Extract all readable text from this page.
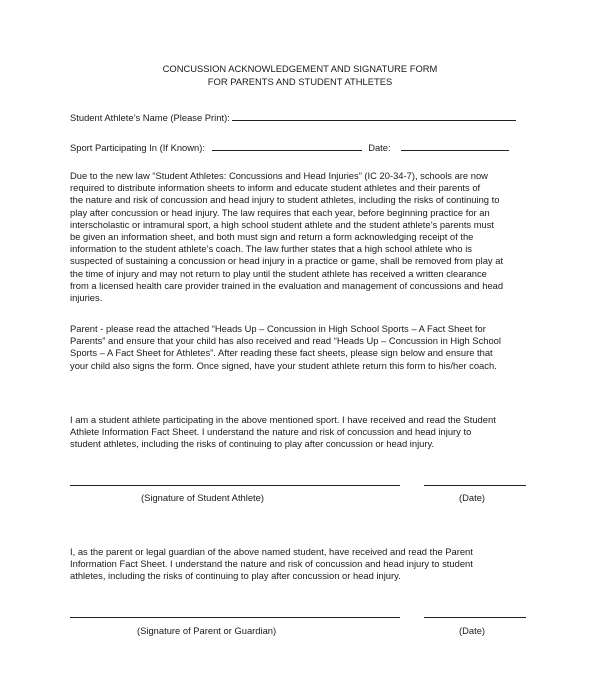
CONCUSSION ACKNOWLEDGEMENT AND SIGNATURE FORM
FOR PARENTS AND STUDENT ATHLETES
Student Athlete’s Name (Please Print):
Sport Participating In (If Known):	Date:
Due to the new law “Student Athletes: Concussions and Head Injuries” (IC 20-34-7), schools are now
required to distribute information sheets to inform and educate student athletes and their parents of
the nature and risk of concussion and head injury to student athletes, including the risks of continuing to
play after concussion or head injury. The law requires that each year, before beginning practice for an
interscholastic or intramural sport, a high school student athlete and the student athlete’s parents must
be given an information sheet, and both must sign and return a form acknowledging receipt of the
information to the student athlete’s coach. The law further states that a high school athlete who is
suspected of sustaining a concussion or head injury in a practice or game, shall be removed from play at
the time of injury and may not return to play until the student athlete has received a written clearance
from a licensed health care provider trained in the evaluation and management of concussions and head
injuries.
Parent - please read the attached “Heads Up – Concussion in High School Sports – A Fact Sheet for
Parents” and ensure that your child has also received and read “Heads Up – Concussion in High School
Sports – A Fact Sheet for Athletes”. After reading these fact sheets, please sign below and ensure that
your child also signs the form. Once signed, have your student athlete return this form to his/her coach.
I am a student athlete participating in the above mentioned sport. I have received and read the Student
Athlete Information Fact Sheet. I understand the nature and risk of concussion and head injury to
student athletes, including the risks of continuing to play after concussion or head injury.
I, as the parent or legal guardian of the above named student, have received and read the Parent
Information Fact Sheet. I understand the nature and risk of concussion and head injury to student
athletes, including the risks of continuing to play after concussion or head injury.
(Signature of Student Athlete)	(Date)
(Signature of Parent or Guardian)	(Date)
